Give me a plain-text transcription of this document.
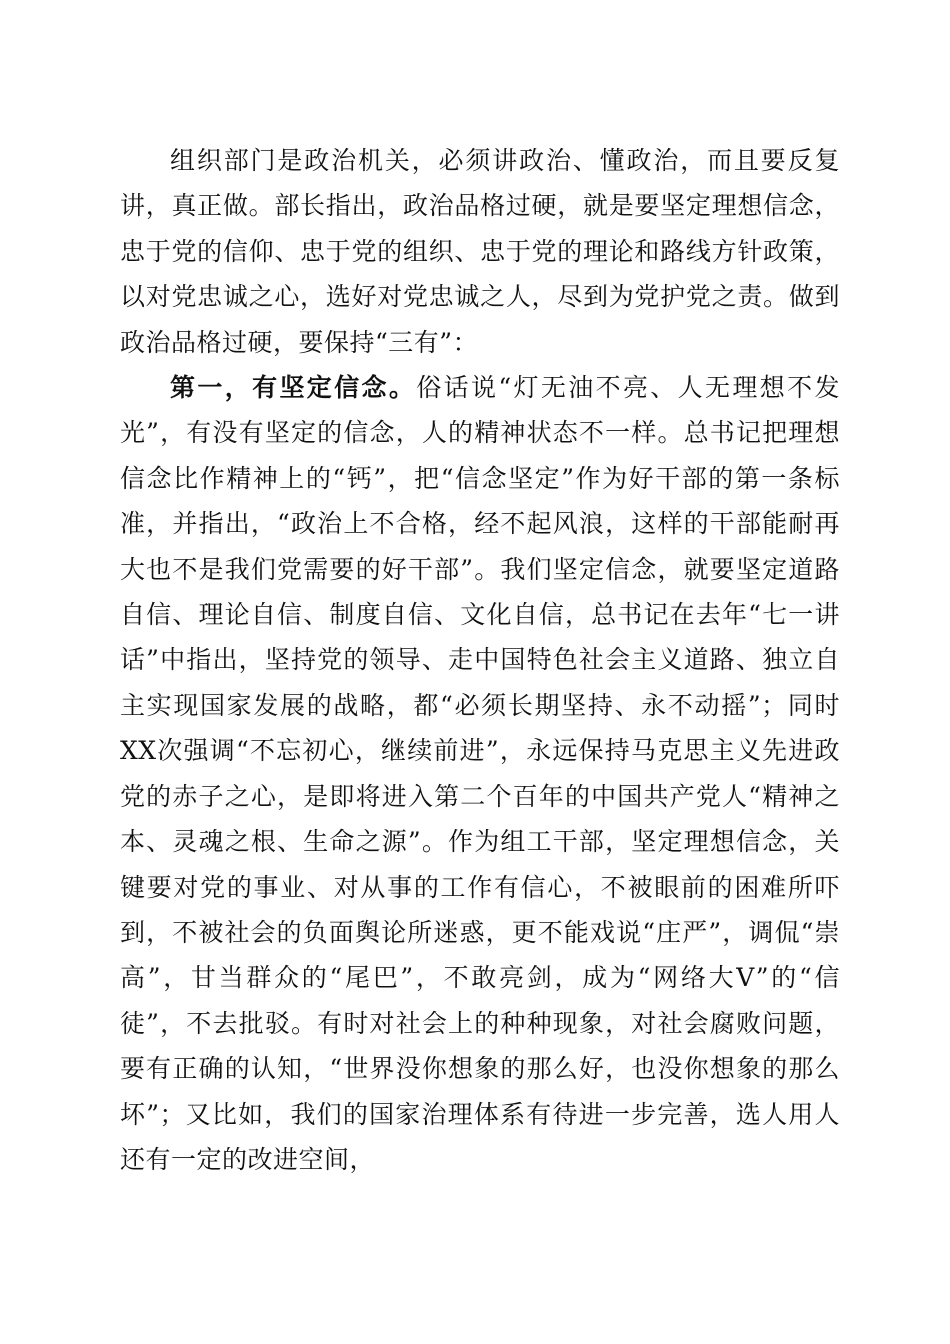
组织部门是政治机关，必须讲政治、懂政治，而且要反复讲，真正做。部长指出，政治品格过硬，就是要坚定理想信念，忠于党的信仰、忠于党的组织、忠于党的理论和路线方针政策，以对党忠诚之心，选好对党忠诚之人，尽到为党护党之责。做到政治品格过硬，要保持“三有”：

第一，有坚定信念。俗话说“灯无油不亮、人无理想不发光”，有没有坚定的信念，人的精神状态不一样。总书记把理想信念比作精神上的“钙”，把“信念坚定”作为好干部的第一条标准，并指出，“政治上不合格，经不起风浪，这样的干部能耐再大也不是我们党需要的好干部”。我们坚定信念，就要坚定道路自信、理论自信、制度自信、文化自信，总书记在去年“七一讲话”中指出，坚持党的领导、走中国特色社会主义道路、独立自主实现国家发展的战略，都“必须长期坚持、永不动摇”；同时XX次强调“不忘初心，继续前进”，永远保持马克思主义先进政党的赤子之心，是即将进入第二个百年的中国共产党人“精神之本、灵魂之根、生命之源”。作为组工干部，坚定理想信念，关键要对党的事业、对从事的工作有信心，不被眼前的困难所吓到，不被社会的负面舆论所迷惑，更不能戏说“庄严”，调侃“崇高”，甘当群众的“尾巴”，不敢亮剑，成为“网络大V”的“信徒”，不去批驳。有时对社会上的种种现象，对社会腐败问题，要有正确的认知，“世界没你想象的那么好，也没你想象的那么坏”；又比如，我们的国家治理体系有待进一步完善，选人用人还有一定的改进空间，
